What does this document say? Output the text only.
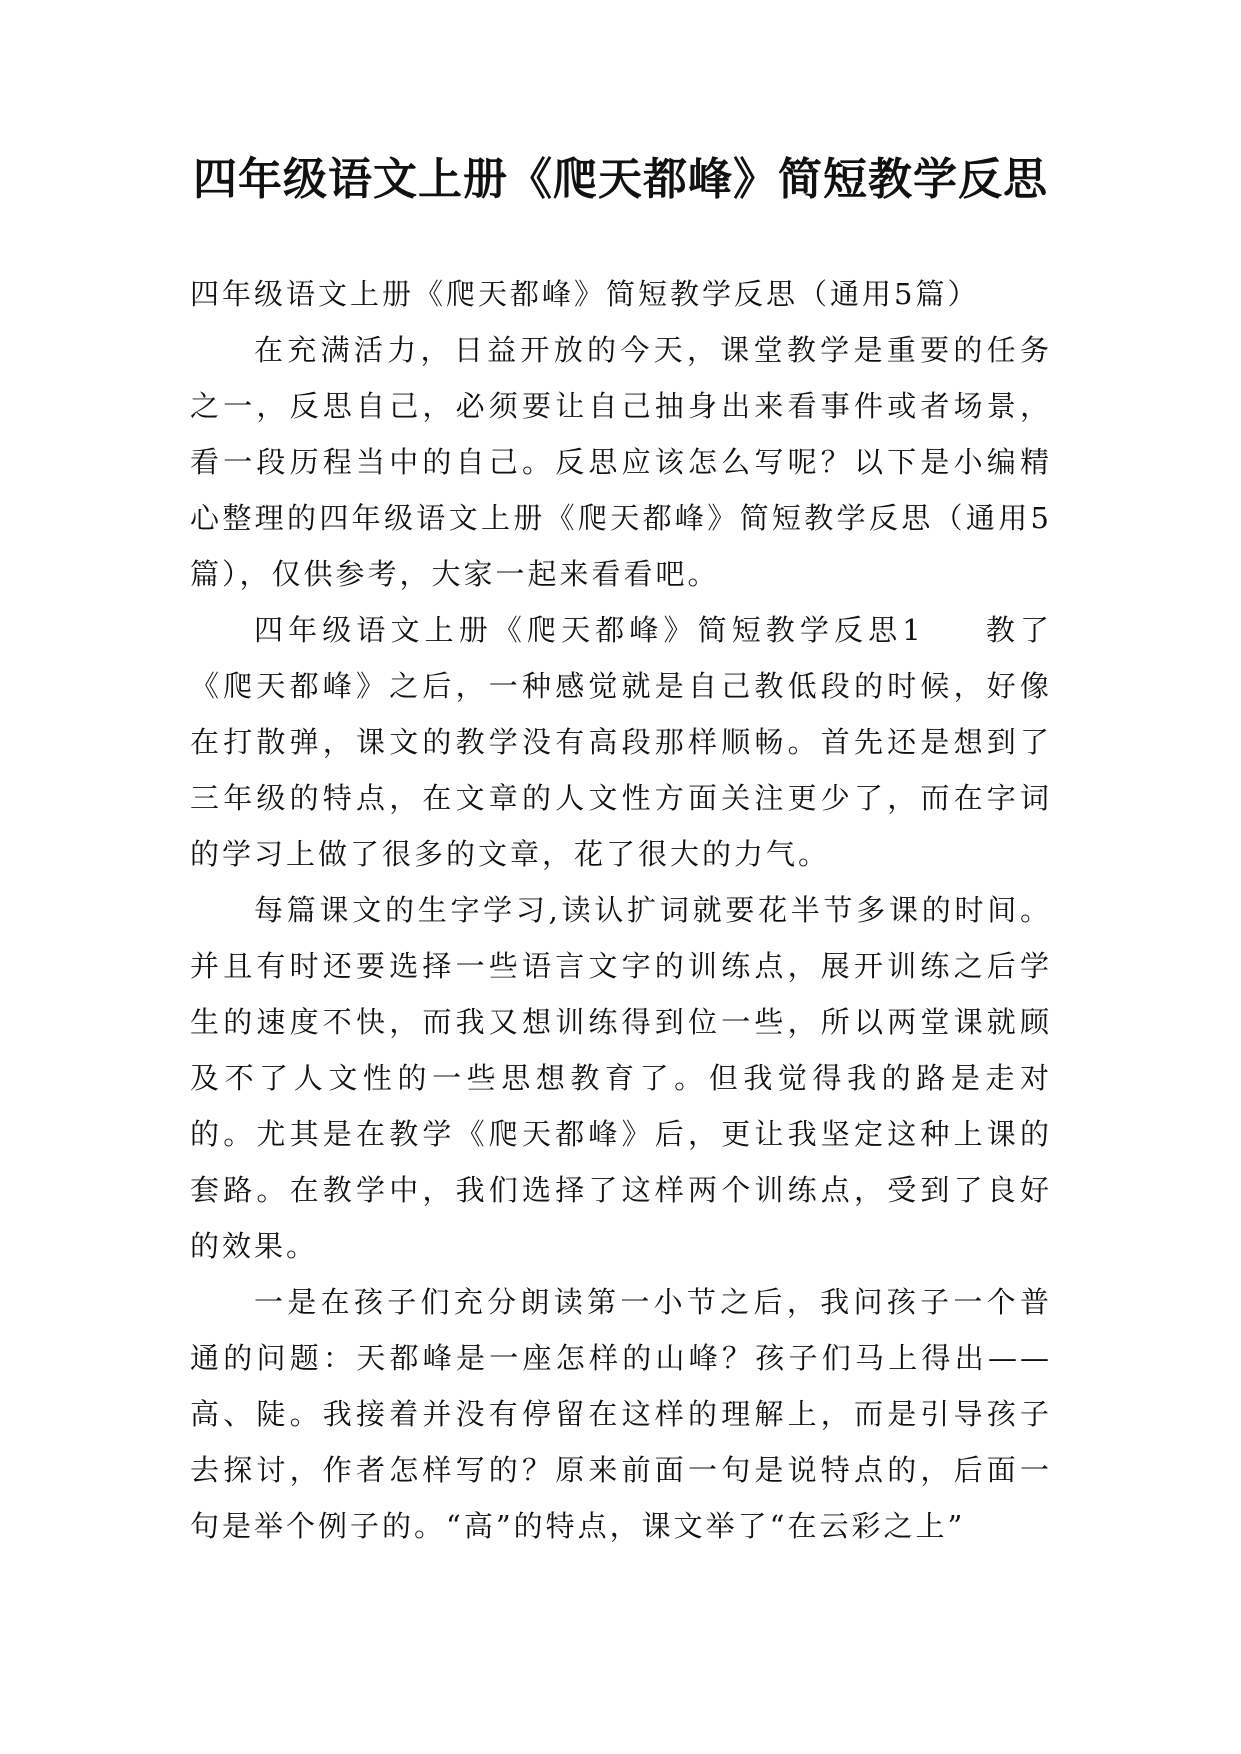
四年级语文上册《爬天都峰》简短教学反思

四年级语文上册《爬天都峰》简短教学反思（通用5篇）

在充满活力，日益开放的今天，课堂教学是重要的任务之一，反思自己，必须要让自己抽身出来看事件或者场景，看一段历程当中的自己。反思应该怎么写呢？以下是小编精心整理的四年级语文上册《爬天都峰》简短教学反思（通用5篇），仅供参考，大家一起来看看吧。

四年级语文上册《爬天都峰》简短教学反思1 教了《爬天都峰》之后，一种感觉就是自己教低段的时候，好像在打散弹，课文的教学没有高段那样顺畅。首先还是想到了三年级的特点，在文章的人文性方面关注更少了，而在字词的学习上做了很多的文章，花了很大的力气。

每篇课文的生字学习,读认扩词就要花半节多课的时间。并且有时还要选择一些语言文字的训练点，展开训练之后学生的速度不快，而我又想训练得到位一些，所以两堂课就顾及不了人文性的一些思想教育了。但我觉得我的路是走对的。尤其是在教学《爬天都峰》后，更让我坚定这种上课的套路。在教学中，我们选择了这样两个训练点，受到了良好的效果。

一是在孩子们充分朗读第一小节之后，我问孩子一个普通的问题：天都峰是一座怎样的山峰？孩子们马上得出——高、陡。我接着并没有停留在这样的理解上，而是引导孩子去探讨，作者怎样写的？原来前面一句是说特点的，后面一句是举个例子的。“高”的特点，课文举了“在云彩之上”
